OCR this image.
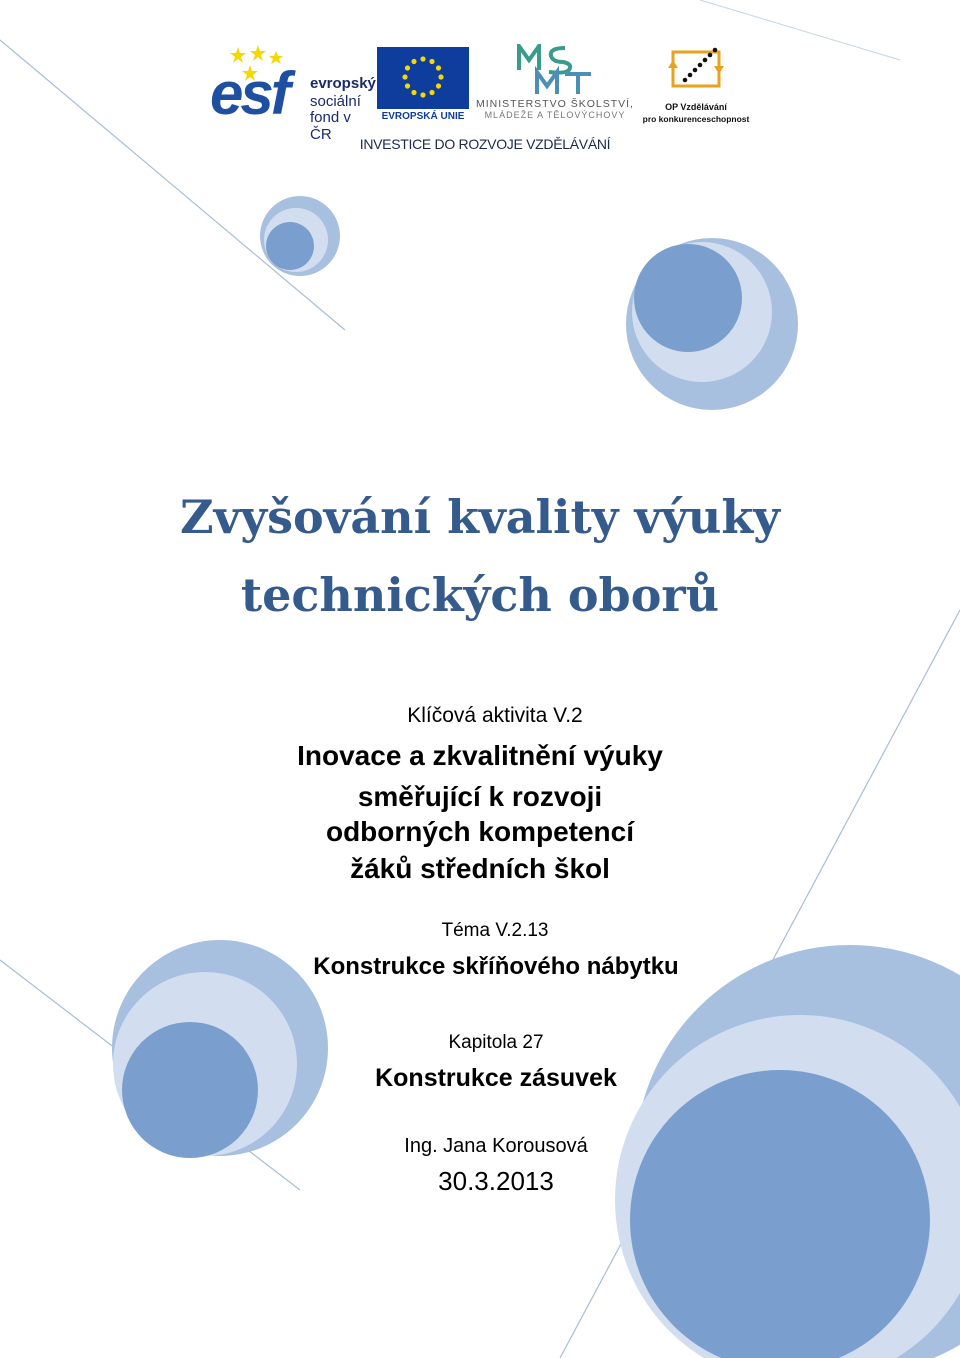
esf evropský
sociální
fond v ČR
EVROPSKÁ UNIE
MINISTERSTVO ŠKOLSTVÍ,
MLÁDEŽE A TĚLOVÝCHOVY
OP Vzdělávání
pro konkurenceschopnost
INVESTICE DO ROZVOJE VZDĚLÁVÁNÍ
Zvyšování kvality výuky
technických oborů
Klíčová aktivita V.2
Inovace a zkvalitnění výuky
směřující k rozvoji
odborných kompetencí
žáků středních škol
Téma V.2.13
Konstrukce skříňového nábytku
Kapitola 27
Konstrukce zásuvek
Ing. Jana Korousová
30.3.2013
